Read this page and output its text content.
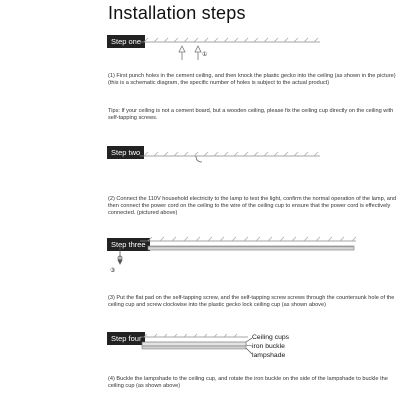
Installation steps
Step one
①
(1) First punch holes in the cement ceiling, and then knock the plastic gecko into the ceiling (as shown in the picture) (this is a schematic diagram, the specific number of holes is subject to the actual product)
Tips: If your ceiling is not a cement board, but a wooden ceiling, please fix the ceiling cup directly on the ceiling with self-tapping screws.
Step two
(2) Connect the 110V household electricity to the lamp to test the light, confirm the normal operation of the lamp, and then connect the power cord on the ceiling to the wire of the ceiling cup to ensure that the power cord is effectively connected. (pictured above)
Step three
③
(3) Put the flat pad on the self-tapping screw, and the self-tapping screw screws through the countersunk hole of the ceiling cup and screw clockwise into the plastic gecko lock ceiling cup (as shown above)
Step four	Ceiling cups
iron buckle
lampshade
(4) Buckle the lampshade to the ceiling cup, and rotate the iron buckle on the side of the lampshade to buckle the ceiling cup (as shown above)
